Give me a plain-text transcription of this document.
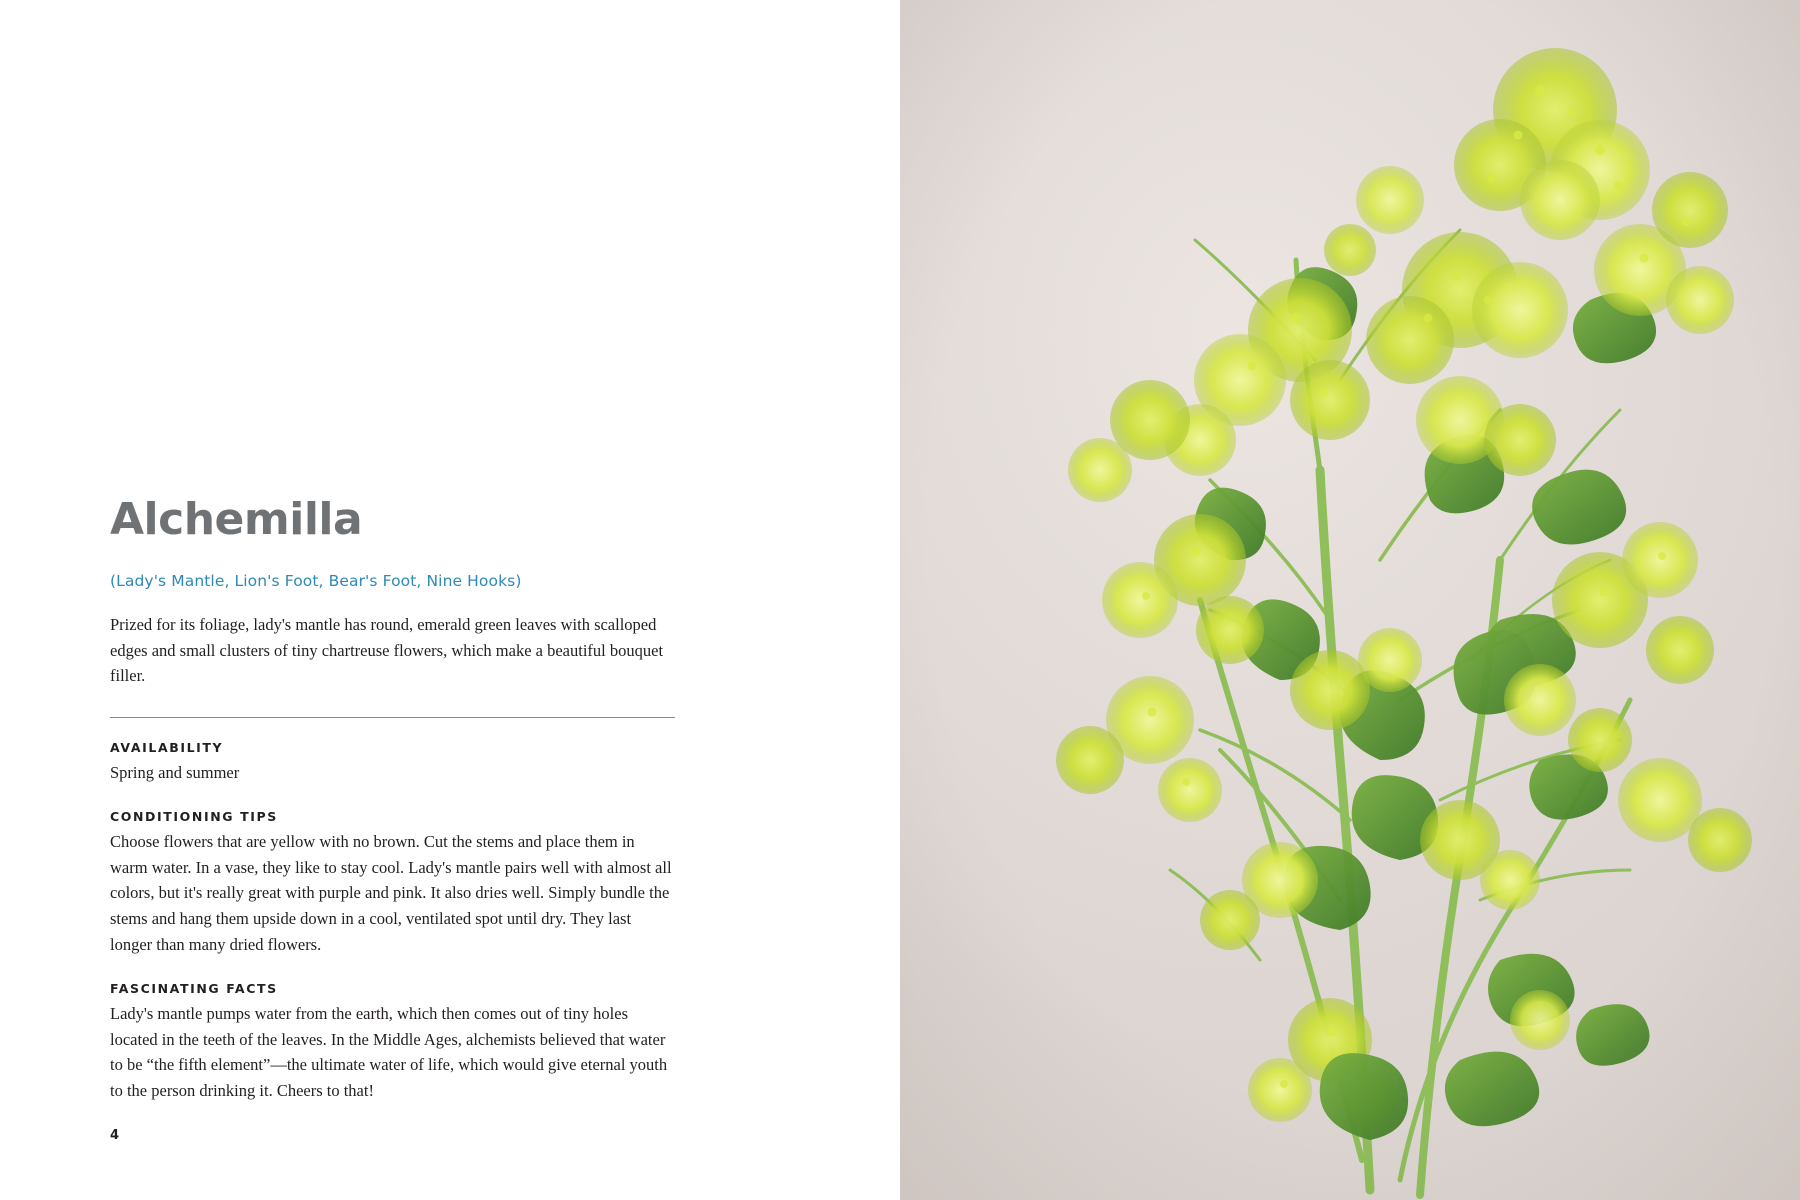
Alchemilla
(Lady's Mantle, Lion's Foot, Bear's Foot, Nine Hooks)

Prized for its foliage, lady's mantle has round, emerald green leaves with scalloped edges and small clusters of tiny chartreuse flowers, which make a beautiful bouquet filler.

AVAILABILITY
Spring and summer
CONDITIONING TIPS
Choose flowers that are yellow with no brown. Cut the stems and place them in warm water. In a vase, they like to stay cool. Lady's mantle pairs well with almost all colors, but it's really great with purple and pink. It also dries well. Simply bundle the stems and hang them upside down in a cool, ventilated spot until dry. They last longer than many dried flowers.
FASCINATING FACTS
Lady's mantle pumps water from the earth, which then comes out of tiny holes located in the teeth of the leaves. In the Middle Ages, alchemists believed that water to be “the fifth element”—the ultimate water of life, which would give eternal youth to the person drinking it. Cheers to that!
4
